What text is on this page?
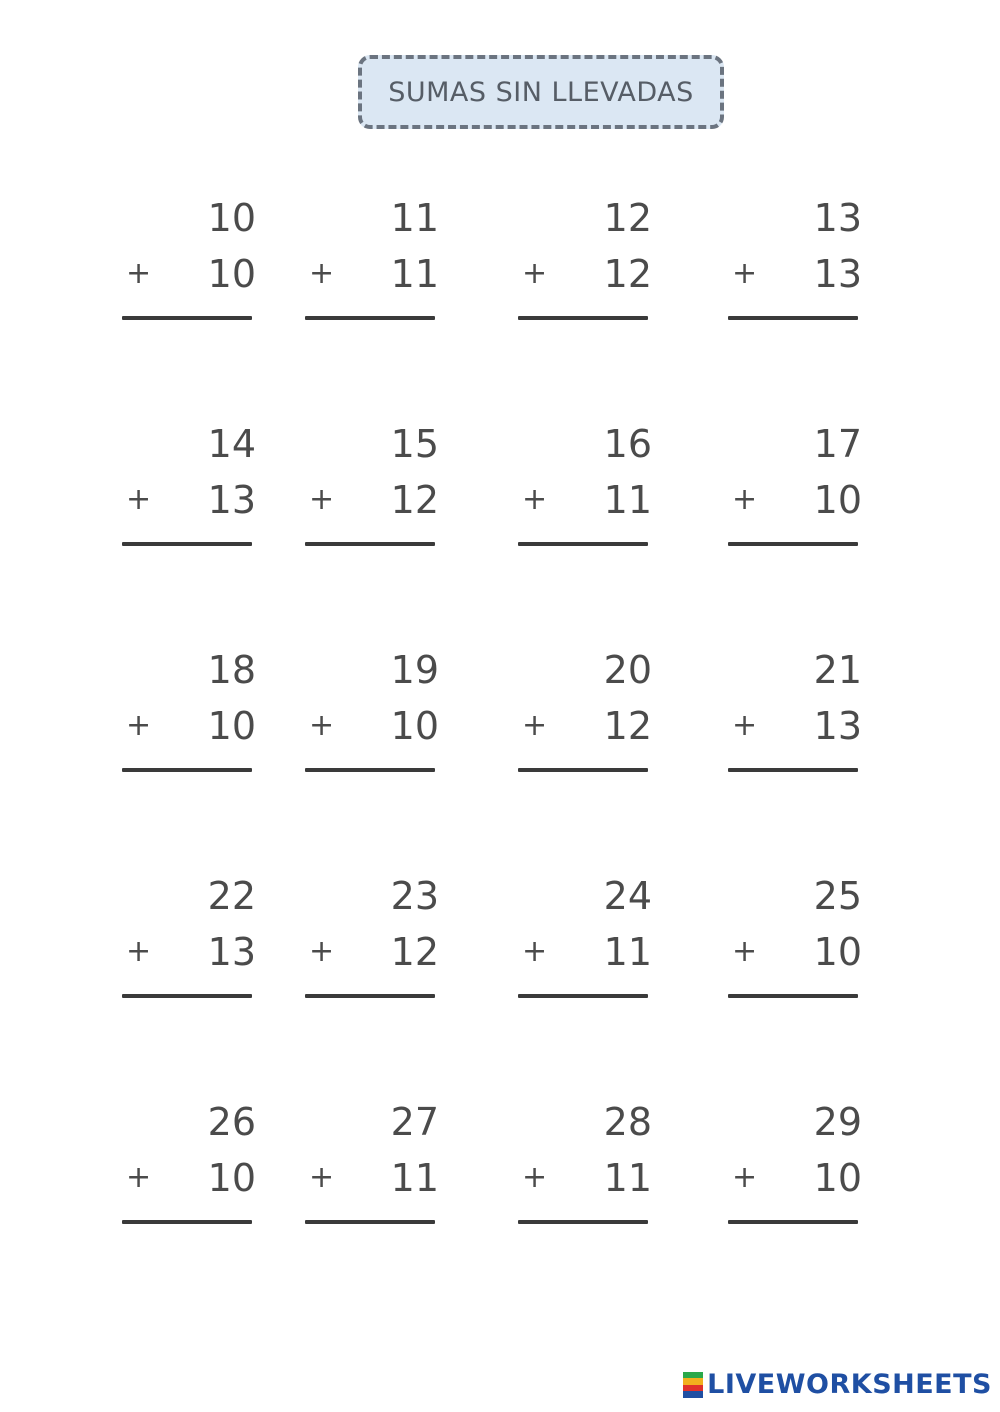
SUMAS SIN LLEVADAS
10
+ 10
11
+ 11
12
+ 12
13
+ 13
14
+ 13
15
+ 12
16
+ 11
17
+ 10
18
+ 10
19
+ 10
20
+ 12
21
+ 13
22
+ 13
23
+ 12
24
+ 11
25
+ 10
26
+ 10
27
+ 11
28
+ 11
29
+ 10
LIVEWORKSHEETS
